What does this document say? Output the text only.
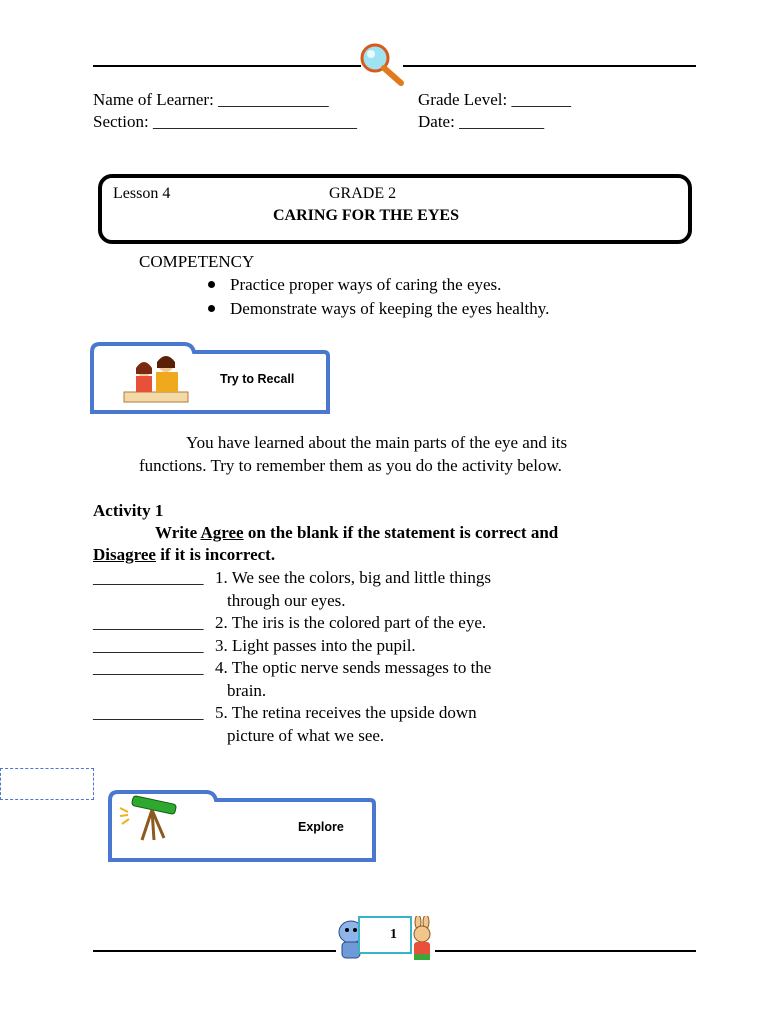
Name of Learner: _____________	Grade Level: _______
Section: ________________________	Date: __________
Lesson 4	GRADE 2
CARING FOR THE EYES
COMPETENCY
Practice proper ways of caring the eyes.
Demonstrate ways of keeping the eyes healthy.
Try to Recall
You have learned about the main parts of the eye and its
functions. Try to remember them as you do the activity below.
Activity 1
Write Agree on the blank if the statement is correct and
Disagree if it is incorrect.
_____________ 1. We see the colors, big and little things
through our eyes.
_____________ 2. The iris is the colored part of the eye.
_____________ 3. Light passes into the pupil.
_____________ 4. The optic nerve sends messages to the
brain.
_____________ 5. The retina receives the upside down
picture of what we see.
Explore
1
